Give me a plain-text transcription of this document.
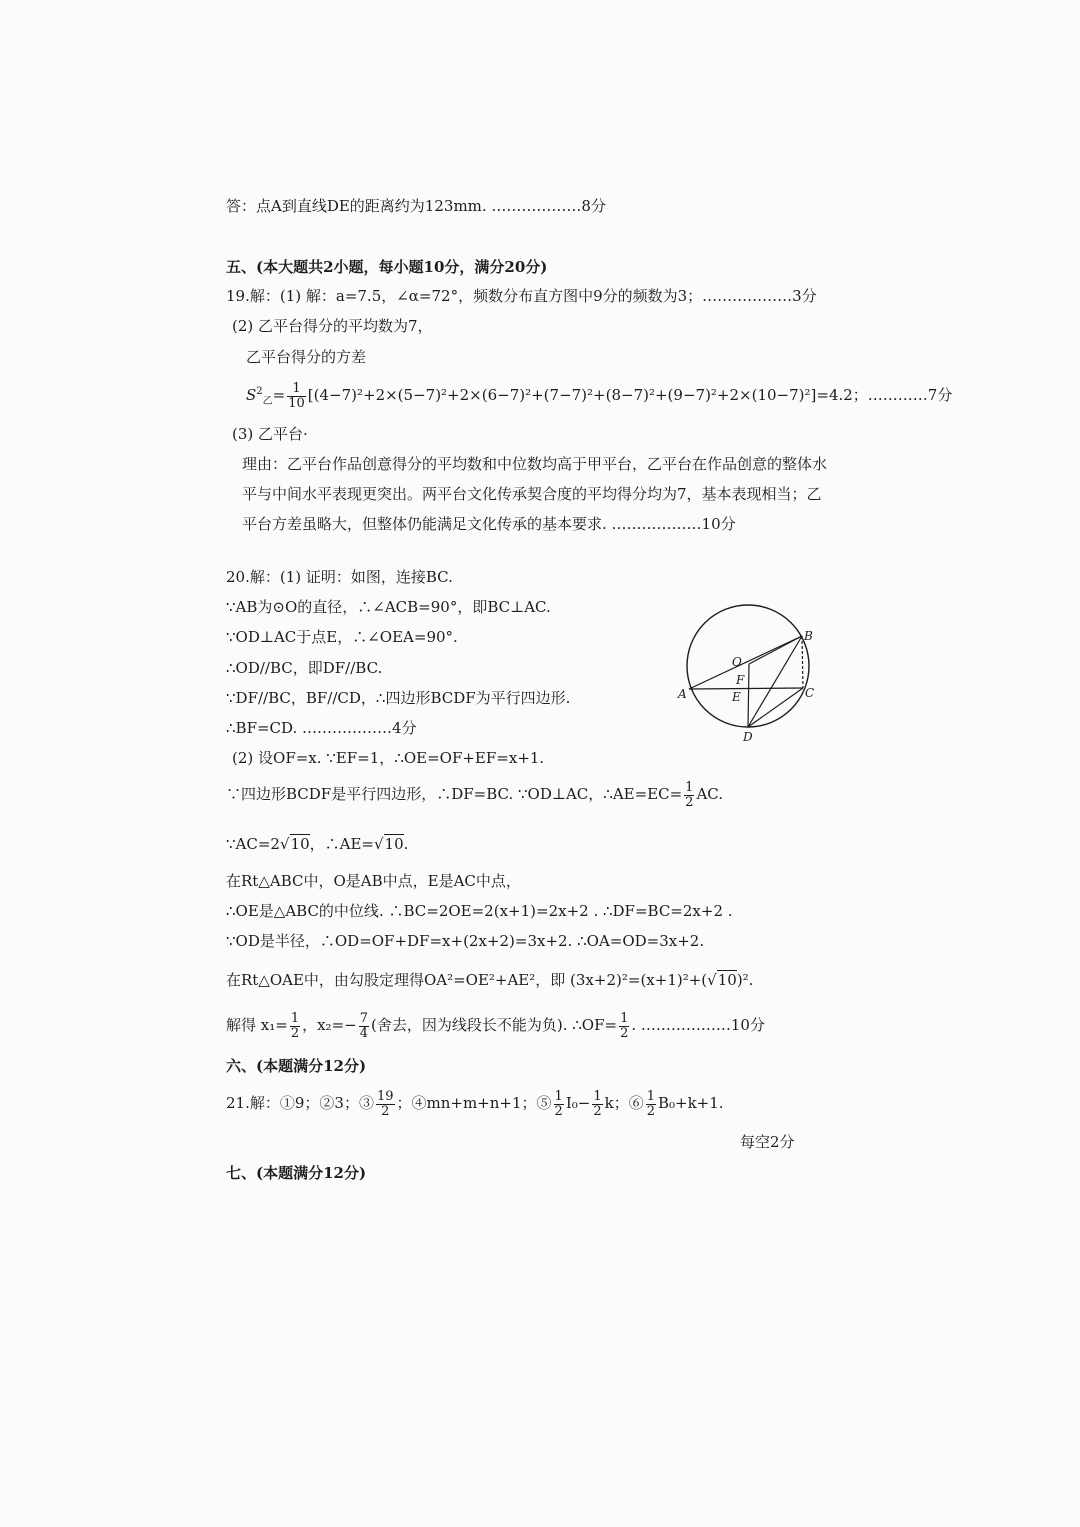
答：点A到直线DE的距离约为123mm. ………………8分
五、(本大题共2小题，每小题10分，满分20分)
19.解：(1) 解：a=7.5，∠α=72°，频数分布直方图中9分的频数为3；………………3分
(2) 乙平台得分的平均数为7，
乙平台得分的方差
$S^2_乙= \frac{1}{10} [(4-7)^2+2\times(5-7)^2+2\times(6-7)^2+(7-7)^2+(8-7)^2+(9-7)^2+2\times(10-7)^2]=4.2$；…………7分
(3) 乙平台·
理由：乙平台作品创意得分的平均数和中位数均高于甲平台，乙平台在作品创意的整体水
平与中间水平表现更突出。两平台文化传承契合度的平均得分均为7，基本表现相当；乙
平台方差虽略大，但整体仍能满足文化传承的基本要求. ………………10分
20.解：(1) 证明：如图，连接BC.
∵AB为⊙O的直径，∴∠ACB=90°，即BC⊥AC.
∵OD⊥AC于点E，∴∠OEA=90°.
∴OD//BC，即DF//BC.
∵DF//BC，BF//CD，∴四边形BCDF为平行四边形.
∴BF=CD. ………………4分
(2) 设OF=x. ∵EF=1，∴OE=OF+EF=x+1.
∵四边形BCDF是平行四边形，∴DF=BC. ∵OD⊥AC，∴AE=EC= $\frac{1}{2}$ AC.
∵AC=2√10，∴AE=√10.
在Rt△ABC中，O是AB中点，E是AC中点，
∴OE是△ABC的中位线. ∴BC=2OE=2(x+1)=2x+2 . ∴DF=BC=2x+2 .
∵OD是半径，∴OD=OF+DF=x+(2x+2)=3x+2. ∴OA=OD=3x+2.
在Rt△OAE中，由勾股定理得OA²=OE²+AE²，即 (3x+2)²=(x+1)²+(√10)².
解得 $x_1= \frac{1}{2}$ ，$x_2=- \frac{7}{4}$ (舍去，因为线段长不能为负). ∴OF= $\frac{1}{2}$ . ………………10分
六、(本题满分12分)
21.解：①9；②3；③ $\frac{19}{2}$ ；④mn+m+n+1；⑤ $\frac{1}{2} I_0- \frac{1}{2}$ k；⑥ $\frac{1}{2} B_0+k+1$.
每空2分
七、(本题满分12分)
B
O
F
E
A	C
D
